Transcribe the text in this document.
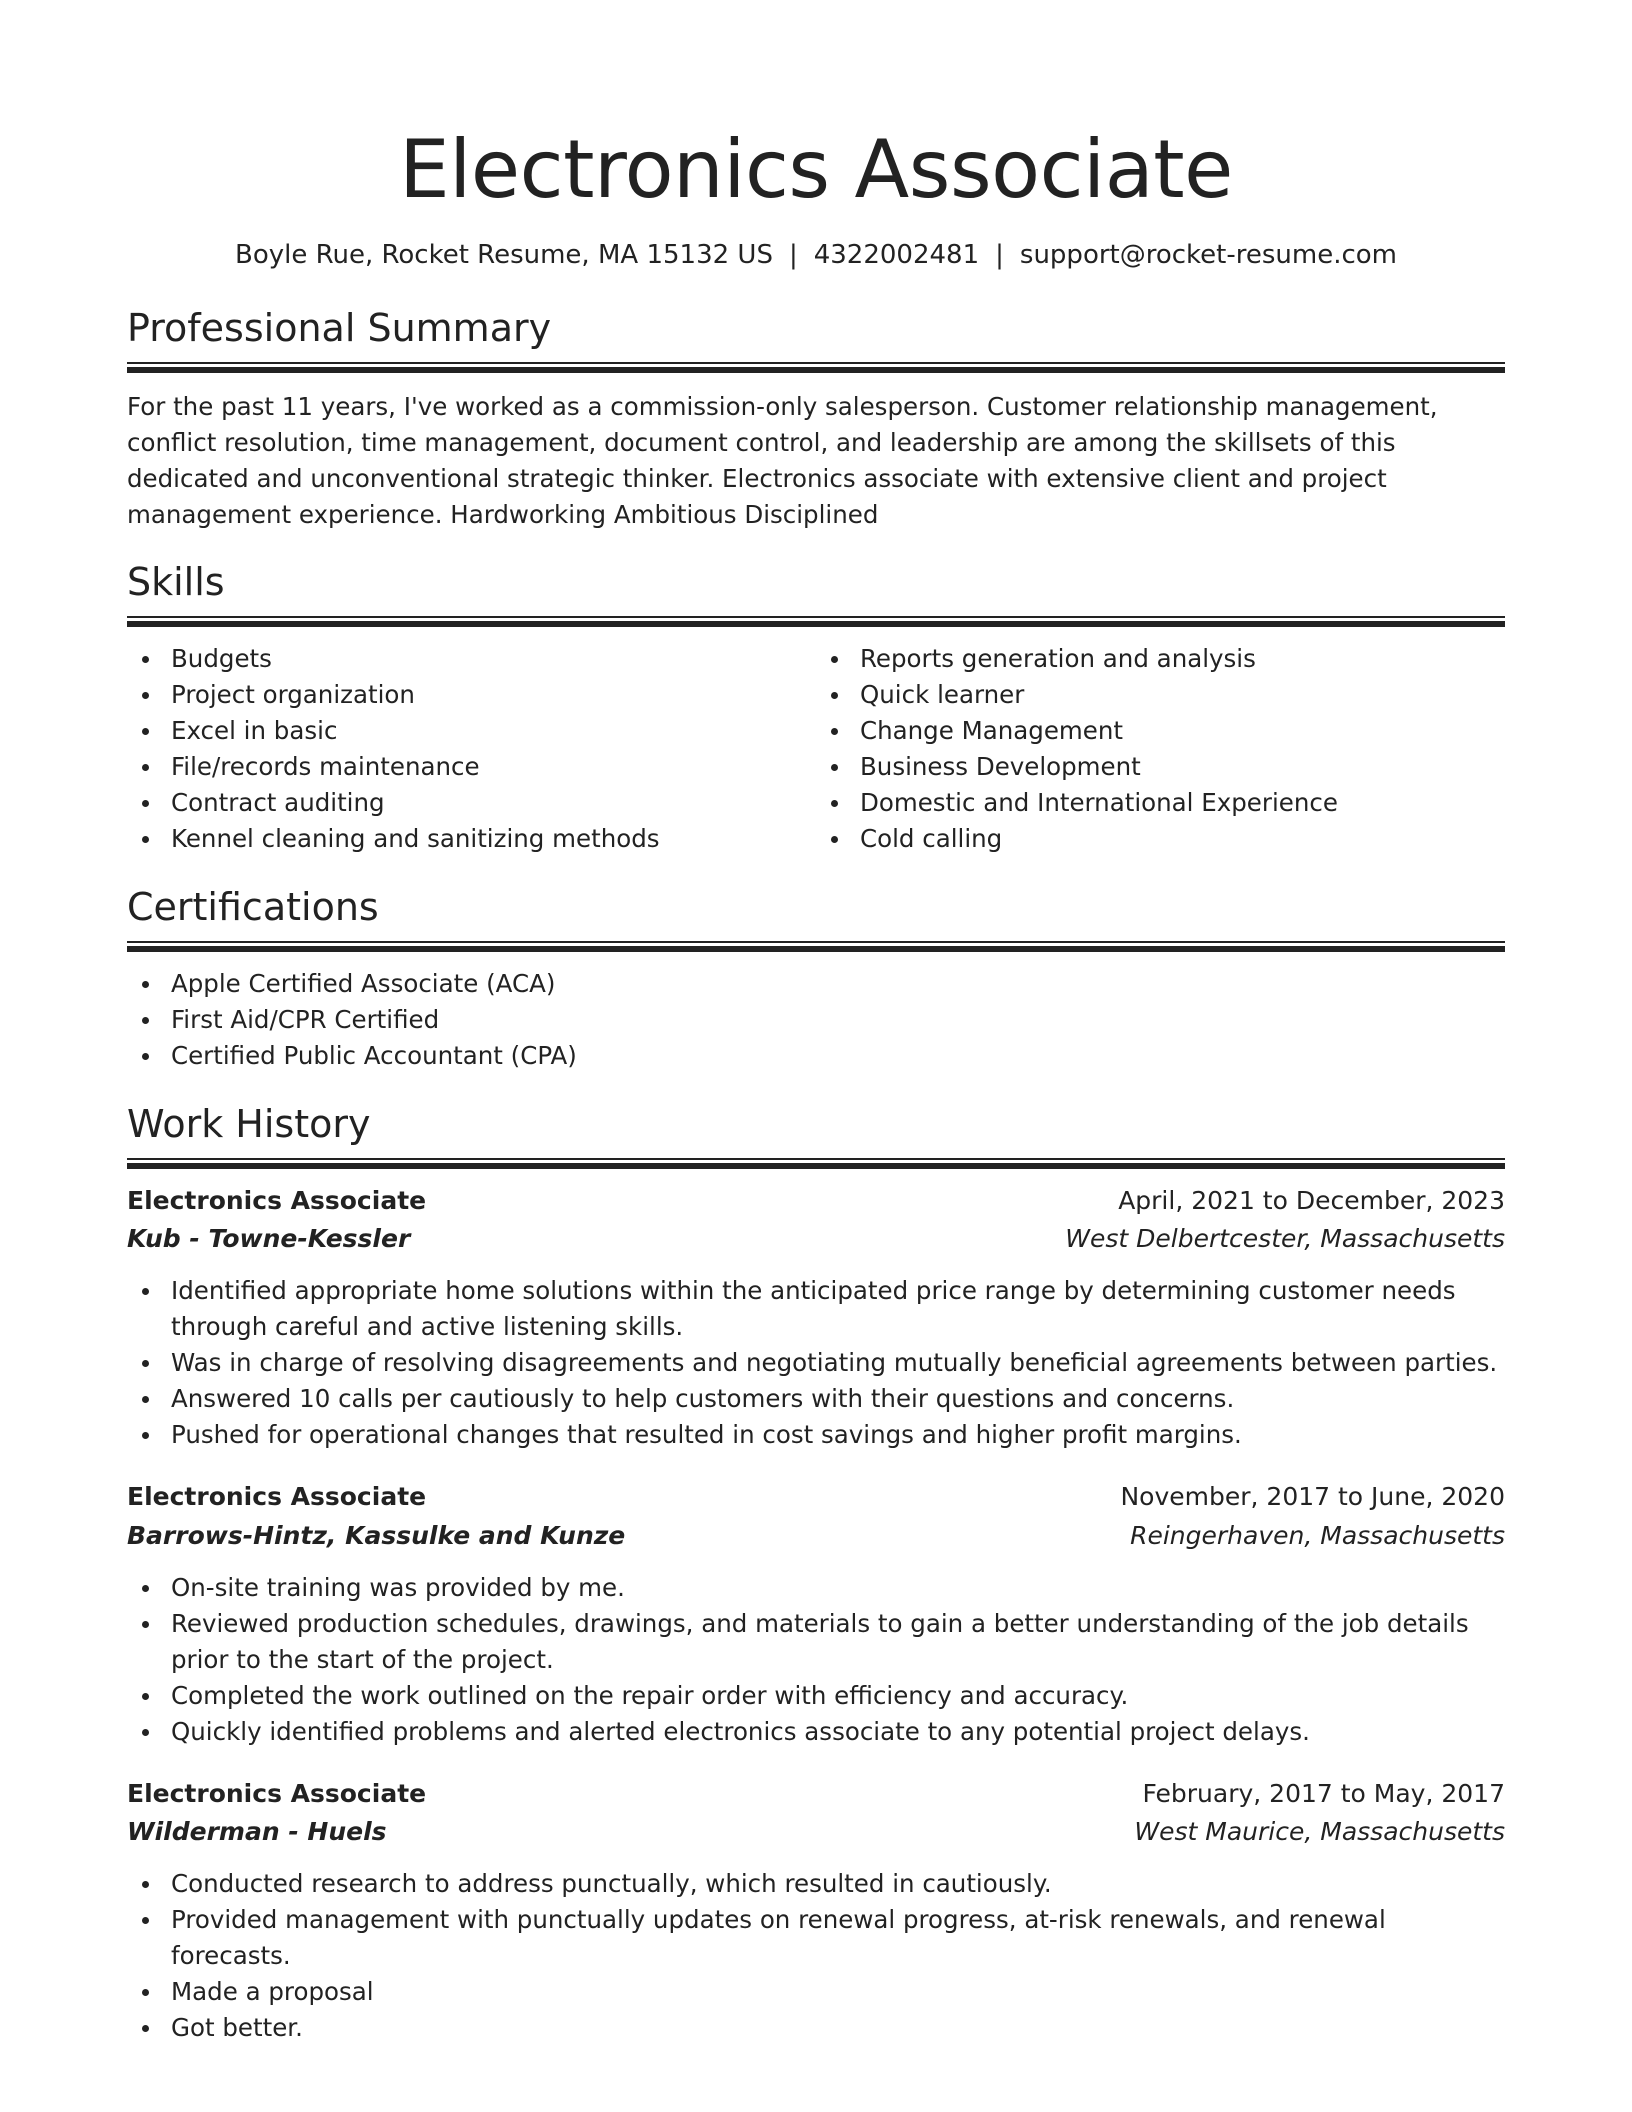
Electronics Associate
Boyle Rue, Rocket Resume, MA 15132 US | 4322002481 | support@rocket-resume.com
Professional Summary

For the past 11 years, I've worked as a commission-only salesperson. Customer relationship management, conflict resolution, time management, document control, and leadership are among the skillsets of this dedicated and unconventional strategic thinker. Electronics associate with extensive client and project management experience. Hardworking Ambitious Disciplined

Skills
Budgets
Project organization
Excel in basic
File/records maintenance
Contract auditing
Kennel cleaning and sanitizing methods
Reports generation and analysis
Quick learner
Change Management
Business Development
Domestic and International Experience
Cold calling
Certifications
Apple Certified Associate (ACA)
First Aid/CPR Certified
Certified Public Accountant (CPA)
Work History
Electronics Associate	April, 2021 to December, 2023
Kub - Towne-Kessler	West Delbertcester, Massachusetts
Identified appropriate home solutions within the anticipated price range by determining customer needs through careful and active listening skills.
Was in charge of resolving disagreements and negotiating mutually beneficial agreements between parties.
Answered 10 calls per cautiously to help customers with their questions and concerns.
Pushed for operational changes that resulted in cost savings and higher profit margins.
Electronics Associate	November, 2017 to June, 2020
Barrows-Hintz, Kassulke and Kunze	Reingerhaven, Massachusetts
On-site training was provided by me.
Reviewed production schedules, drawings, and materials to gain a better understanding of the job details prior to the start of the project.
Completed the work outlined on the repair order with efficiency and accuracy.
Quickly identified problems and alerted electronics associate to any potential project delays.
Electronics Associate	February, 2017 to May, 2017
Wilderman - Huels	West Maurice, Massachusetts
Conducted research to address punctually, which resulted in cautiously.
Provided management with punctually updates on renewal progress, at-risk renewals, and renewal forecasts.
Made a proposal
Got better.
